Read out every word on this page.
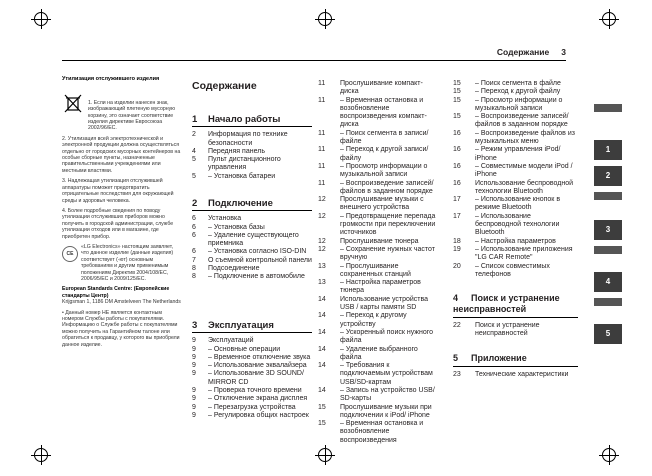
Содержание 3

Утилизация отслужившего изделия

1. Если на изделии нанесен знак, изображающий плетеную мусорную корзину, это означает соответствие изделия директиве Евросоюза 2002/96/ЕС.

2. Утилизация всей электротехнической и электронной продукции должна осуществляться отдельно от городских мусорных контейнеров на особые сборные пункты, назначенные правительственными учреждениями или местными властями.

3. Надлежащая утилизация отслужившей аппаратуры поможет предотвратить отрицательные последствия для окружающей среды и здоровья человека.

4. Более подробные сведения по поводу утилизации отслуживших приборов можно получить в городской администрации, службе утилизации отходов или в магазине, где приобретен прибор.

CE

«LG Electronics» настоящим заявляет, что данное изделие (данные изделия) соответствует (-ют) основным требованиям и другим применимым положениям Директив 2004/108/EC, 2006/95/EC и 2009/125/EC.

European Standards Centre: (Европейские стандарты Центр)

Krijgsman 1, 1186 DM Amstelveen The Netherlands

• Данный номер НЕ является контактным номером Службы работы с покупателями. Информацию о Службе работы с покупателями можно получить на Гарантийном талоне или обратиться к продавцу, у которого вы приобрели данное изделие.

Содержание
1	Начало работы
2	Информация по технике безопасности
4	Передняя панель
5	Пульт дистанционного управления
5	– Установка батареи
2	Подключение
6	Установка
6	– Установка базы
6	– Удаление существующего приемника
6	– Установка согласно ISO-DIN
7	О съемной контрольной панели
8	Подсоединение
8	– Подключение в автомобиле
3	Эксплуатация
9	Эксплуатаций
9	– Основные операции
9	– Временное отключение звука
9	– Использование эквалайзера
9	– Использование 3D SOUND/ MIRROR CD
9	– Проверка точного времени
9	– Отключение экрана дисплея
9	– Перезагрузка устройства
9	– Регулировка общих настроек
11	Прослушивание компакт-диска
11	– Временная остановка и возобновление воспроизведения компакт-диска
11	– Поиск сегмента в записи/ файле
11	– Переход к другой записи/ файлу
11	– Просмотр информации о музыкальной записи
11	– Воспроизведение записей/ файлов в заданном порядке
12	Прослушивание музыки с внешнего устройства
12	– Предотвращение перепада громкости при переключении источников
12	Прослушивание тюнера
12	– Сохранение нужных частот вручную
13	– Прослушивание сохраненных станций
13	– Настройка параметров тюнера
14	Использование устройства USB / карты памяти SD
14	– Переход к другому устройству
14	– Ускоренный поиск нужного файла
14	– Удаление выбранного файла
14	– Требования к подключаемым устройствам USB/SD-картам
14	– Запись на устройство USB/ SD-карты
15	Прослушивание музыки при подключении к iPod/ iPhone
15	– Временная остановка и возобновление воспроизведения
15	– Поиск сегмента в файле
15	– Переход к другой файлу
15	– Просмотр информации о музыкальной записи
15	– Воспроизведение записей/ файлов в заданном порядке
16	– Воспроизведение файлов из музыкальных меню
16	– Режим управления iPod/ iPhone
16	– Совместимые модели iPod / iPhone
16	Использование беспроводной технологии Bluetooth
17	– Использование кнопок в режиме Bluetooth
17	– Использование беспроводной технологии Bluetooth
18	– Настройка параметров
19	– Использование приложения "LG CAR Remote"
20	– Список совместимых телефонов
4 Поиск и устранение неисправностей
22	Поиск и устранение неисправностей
5 Приложение
23	Технические характеристики
1
2
3
4
5
